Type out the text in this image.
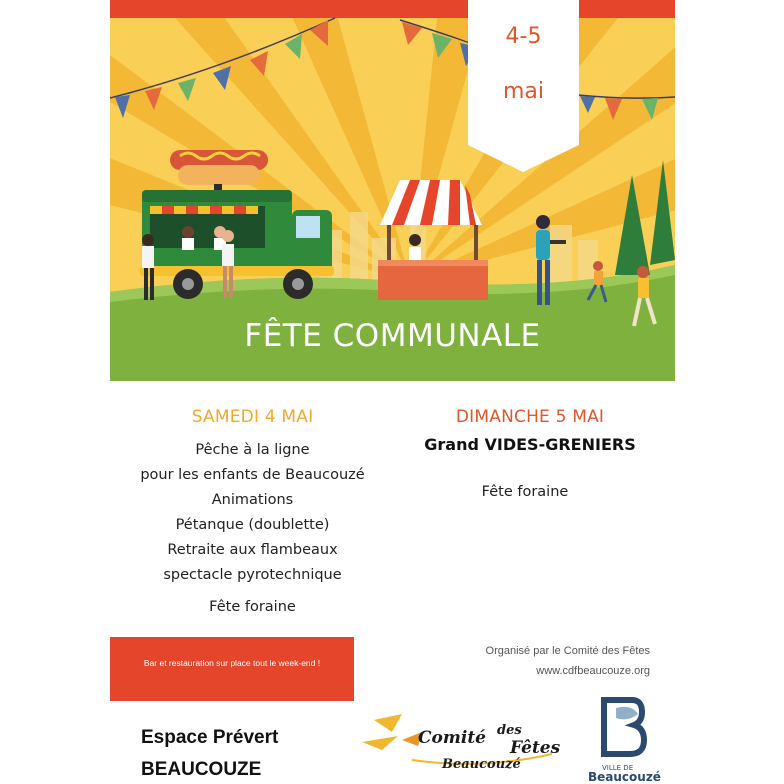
4-5
mai
FÊTE COMMUNALE
SAMEDI 4 MAI
Pêche à la ligne
pour les enfants de Beaucouzé
Animations
Pétanque (doublette)
Retraite aux flambeaux
spectacle pyrotechnique
Fête foraine
DIMANCHE 5 MAI
Grand VIDES-GRENIERS
Fête foraine
Bar et restauration sur place tout le week-end !
Organisé par le Comité des Fêtes
www.cdfbeaucouze.org
Espace Prévert
BEAUCOUZE
Comité des
Fêtes
Beaucouzé	VILLE DE
Beaucouzé
